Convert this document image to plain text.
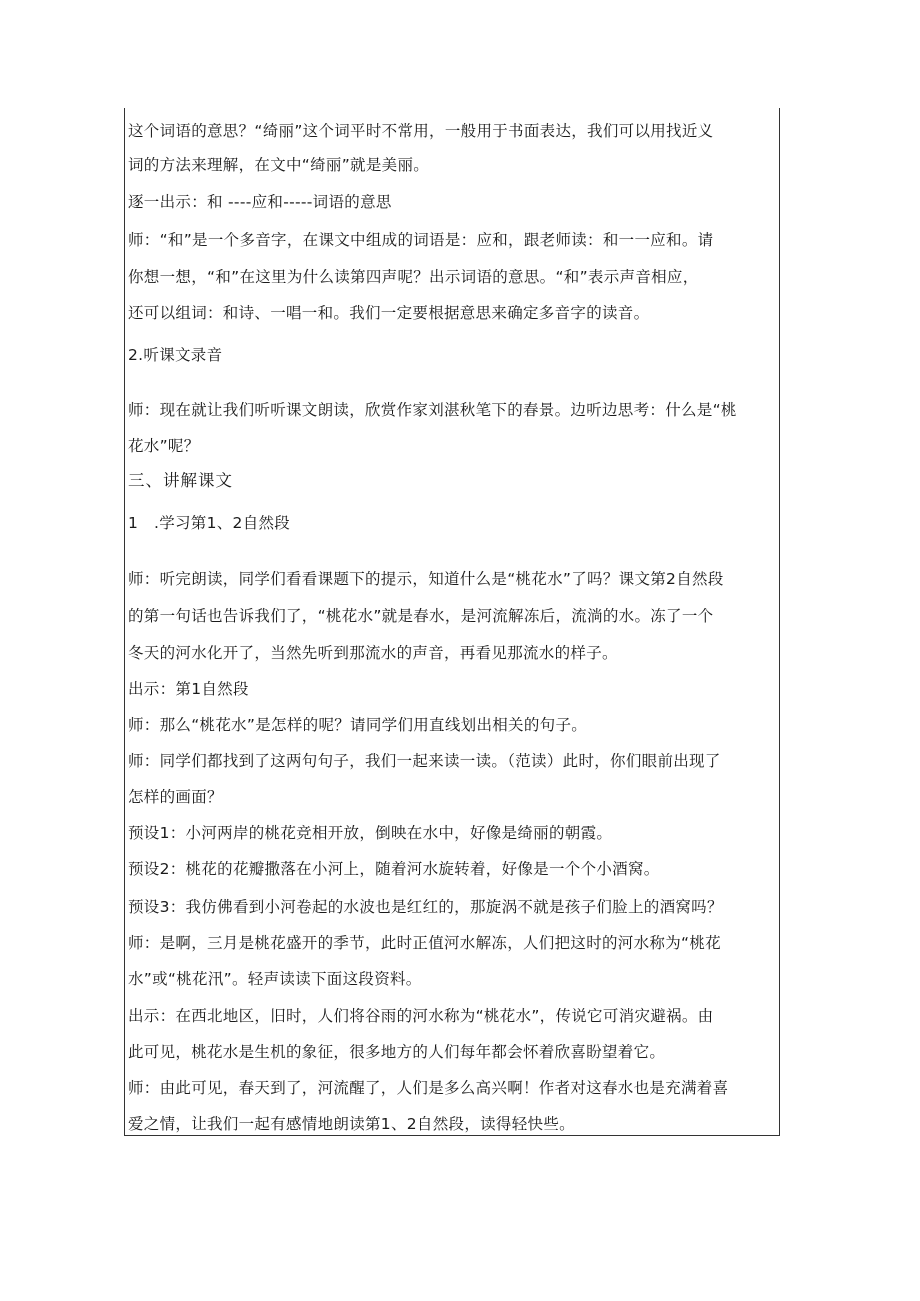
这个词语的意思？“绮丽”这个词平时不常用，一般用于书面表达，我们可以用找近义

词的方法来理解，在文中“绮丽”就是美丽。

逐一出示：和 ----应和-----词语的意思

师：“和”是一个多音字，在课文中组成的词语是：应和，跟老师读：和一一应和。请

你想一想，“和”在这里为什么读第四声呢？出示词语的意思。“和”表示声音相应，

还可以组词：和诗、一唱一和。我们一定要根据意思来确定多音字的读音。

2.听课文录音

师：现在就让我们听听课文朗读，欣赏作家刘湛秋笔下的春景。边听边思考：什么是“桃

花水”呢？

三、讲解课文

1　.学习第1、2自然段

师：听完朗读，同学们看看课题下的提示，知道什么是“桃花水”了吗？课文第2自然段

的第一句话也告诉我们了，“桃花水”就是春水，是河流解冻后，流淌的水。冻了一个

冬天的河水化开了，当然先听到那流水的声音，再看见那流水的样子。

出示：第1自然段

师：那么“桃花水”是怎样的呢？请同学们用直线划出相关的句子。

师：同学们都找到了这两句句子，我们一起来读一读。（范读）此时，你们眼前出现了

怎样的画面？

预设1：小河两岸的桃花竞相开放，倒映在水中，好像是绮丽的朝霞。

预设2：桃花的花瓣撒落在小河上，随着河水旋转着，好像是一个个小酒窝。

预设3：我仿佛看到小河卷起的水波也是红红的，那旋涡不就是孩子们脸上的酒窝吗？

师：是啊，三月是桃花盛开的季节，此时正值河水解冻，人们把这时的河水称为“桃花

水”或“桃花汛”。轻声读读下面这段资料。

出示：在西北地区，旧时，人们将谷雨的河水称为“桃花水”，传说它可消灾避祸。由

此可见，桃花水是生机的象征，很多地方的人们每年都会怀着欣喜盼望着它。

师：由此可见，春天到了，河流醒了，人们是多么高兴啊！作者对这春水也是充满着喜

爱之情，让我们一起有感情地朗读第1、2自然段，读得轻快些。
